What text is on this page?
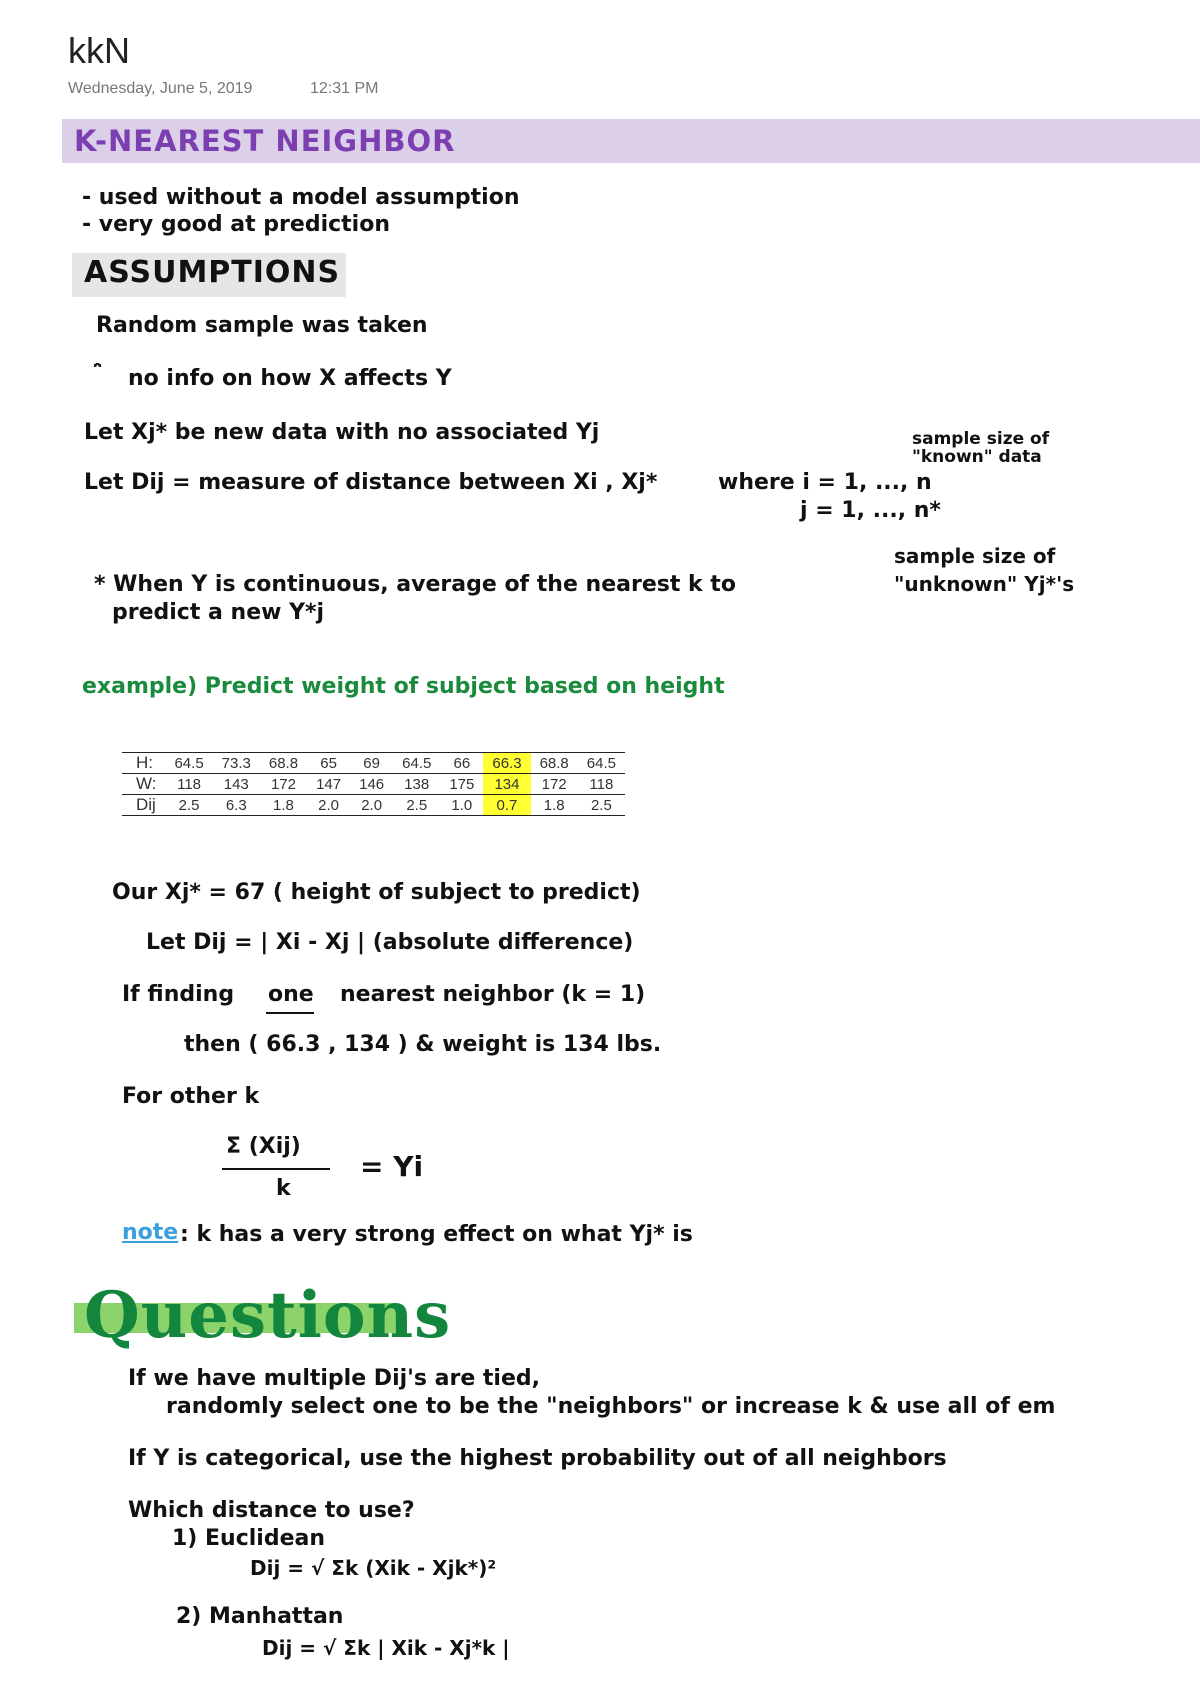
kkN
Wednesday, June 5, 2019	12:31 PM
K-NEAREST NEIGHBOR
- used without a model assumption
- very good at prediction
ASSUMPTIONS
Random sample was taken
¨̂ no info on how X affects Y
Let Xj* be new data with no associated Yj
Let Dij = measure of distance between Xi , Xj*	where i = 1, ..., n
j = 1, ..., n*
sample size of
"known" data
sample size of
"unknown" Yj*'s
* When Y is continuous, average of the nearest k to
predict a new Y*j
example) Predict weight of subject based on height
H:	64.5	73.3	68.8	65	69	64.5	66	66.3	68.8	64.5
W:	118	143	172	147	146	138	175	134	172	118
Dij	2.5	6.3	1.8	2.0	2.0	2.5	1.0	0.7	1.8	2.5
Our Xj* = 67 ( height of subject to predict)
Let Dij = | Xi - Xj | (absolute difference)
If finding one nearest neighbor (k = 1)
then ( 66.3 , 134 ) & weight is 134 lbs.
For other k
Σ (Xij)
k
= Yi
note : k has a very strong effect on what Yj* is
Questions
If we have multiple Dij's are tied,
randomly select one to be the "neighbors" or increase k & use all of em
If Y is categorical, use the highest probability out of all neighbors
Which distance to use?
1) Euclidean
Dij = √ Σk (Xik - Xjk*)²
2) Manhattan
Dij = √ Σk | Xik - Xj*k |
